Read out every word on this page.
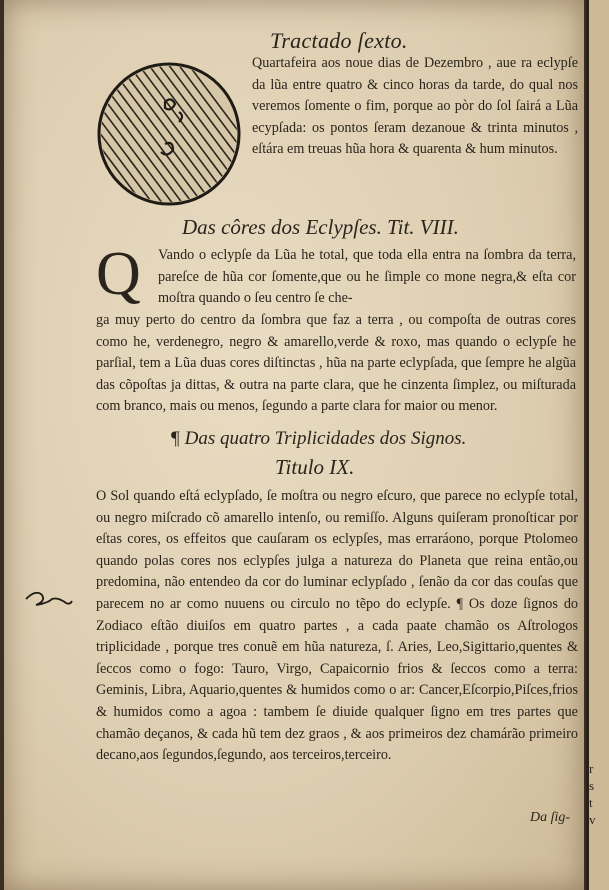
r
s
t
v
Tractado ſexto.
Quartafeira aos noue dias de Dezembro , aue ra eclypſe da lũa entre quatro & cinco horas da tarde, do qual nos veremos ſomente o fim, porque ao pòr do ſol ſairá a Lũa ecypſada: os pontos ſeram dezanoue & trinta minutos , eſtára em treuas hũa hora & quarenta & hum minutos.
Das côres dos Eclypſes. Tit. VIII.
Q Vando o eclypſe da Lũa he total, que toda ella entra na ſombra da terra, pareſce de hũa cor ſomente,que ou he ſimple co mone negra,& eſta cor moſtra quando o ſeu centro ſe che-
ga muy perto do centro da ſombra que faz a terra , ou compoſta de outras cores como he, verdenegro, negro & amarello,verde & roxo, mas quando o eclypſe he parſial, tem a Lũa duas cores diſtinctas , hũa na parte eclypſada, que ſempre he algũa das cõpoſtas ja dittas, & outra na parte clara, que he cinzenta ſimplez, ou miſturada com branco, mais ou menos, ſegundo a parte clara for maior ou menor.
¶ Das quatro Triplicidades dos Signos.
Titulo IX.
O Sol quando eſtá eclypſado, ſe moſtra ou negro eſcuro, que parece no eclypſe total, ou negro miſcrado cõ amarello intenſo, ou remiſſo. Alguns quiſeram pronoſticar por eſtas cores, os effeitos que cauſaram os eclypſes, mas erraráono, porque Ptolomeo quando polas cores nos eclypſes julga a natureza do Planeta que reina então,ou predomina, não entendeo da cor do luminar eclypſado , ſenão da cor das couſas que parecem no ar como nuuens ou circulo no tẽpo do eclypſe. ¶ Os doze ſignos do Zodiaco eſtão diuiſos em quatro partes , a cada paate chamão os Aſtrologos triplicidade , porque tres conuẽ em hũa natureza, ſ. Aries, Leo,Sigittario,quentes & ſeccos como o fogo: Tauro, Virgo, Capaicornio frios & ſeccos como a terra: Geminis, Libra, Aquario,quentes & humidos como o ar: Cancer,Eſcorpio,Piſces,frios & humidos como a agoa : tambem ſe diuide qualquer ſigno em tres partes que chamão deçanos, & cada hũ tem dez graos , & aos primeiros dez chamárão primeiro decano,aos ſegundos,ſegundo, aos terceiros,terceiro.
Da ſig-
